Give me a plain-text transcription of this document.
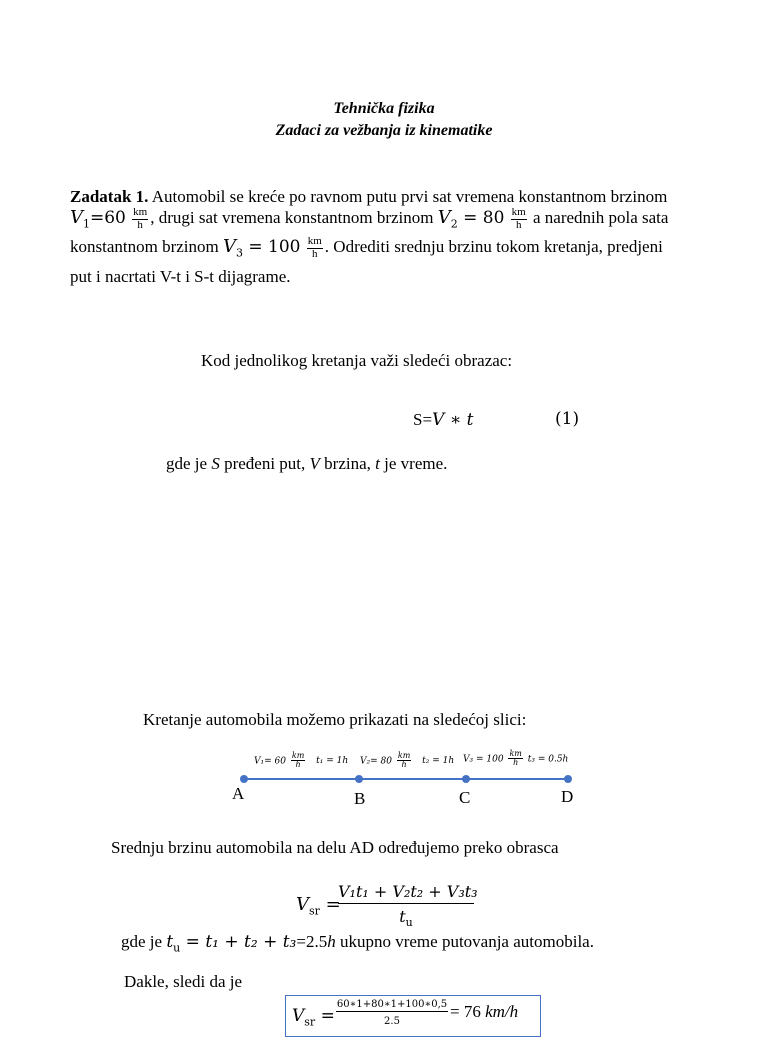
Tehnička fizika
Zadaci za vežbanja iz kinematike
Zadatak 1. Automobil se kreće po ravnom putu prvi sat vremena konstantnom brzinom
$V_1=60 \frac{km}{h}$ , drugi sat vremena konstantnom brzinom $V_2 = 80 \frac{km}{h}$ a narednih pola sata
konstantnom brzinom $V_3 = 100 \frac{km}{h}$ . Odrediti srednju brzinu tokom kretanja, predjeni
put i nacrtati V-t i S-t dijagrame.
Kod jednolikog kretanja važi sledeći obrazac:
S=V ∗ t	(1)
gde je S pređeni put, V brzina, t je vreme.
Kretanje automobila možemo prikazati na sledećoj slici:
$V_1= 60 \frac{km}{h} t_1 = 1h$ $V_2= 80 \frac{km}{h} t_2 = 1h$ $V_3 = 100 \frac{km}{h} t_3 = 0.5h$
A	B	C	D
Srednju brzinu automobila na delu AD određujemo preko obrasca
$V_{sr}$ =
V₁t₁ + V₂t₂ + V₃t₃
$t_u$
gde je $t_u = t_1 + t_2 + t_3=2.5h$ ukupno vreme putovanja automobila.
Dakle, sledi da je
$V_{sr}$ =
60∗1+80∗1+100∗0,5
2.5
= 76 km/h
